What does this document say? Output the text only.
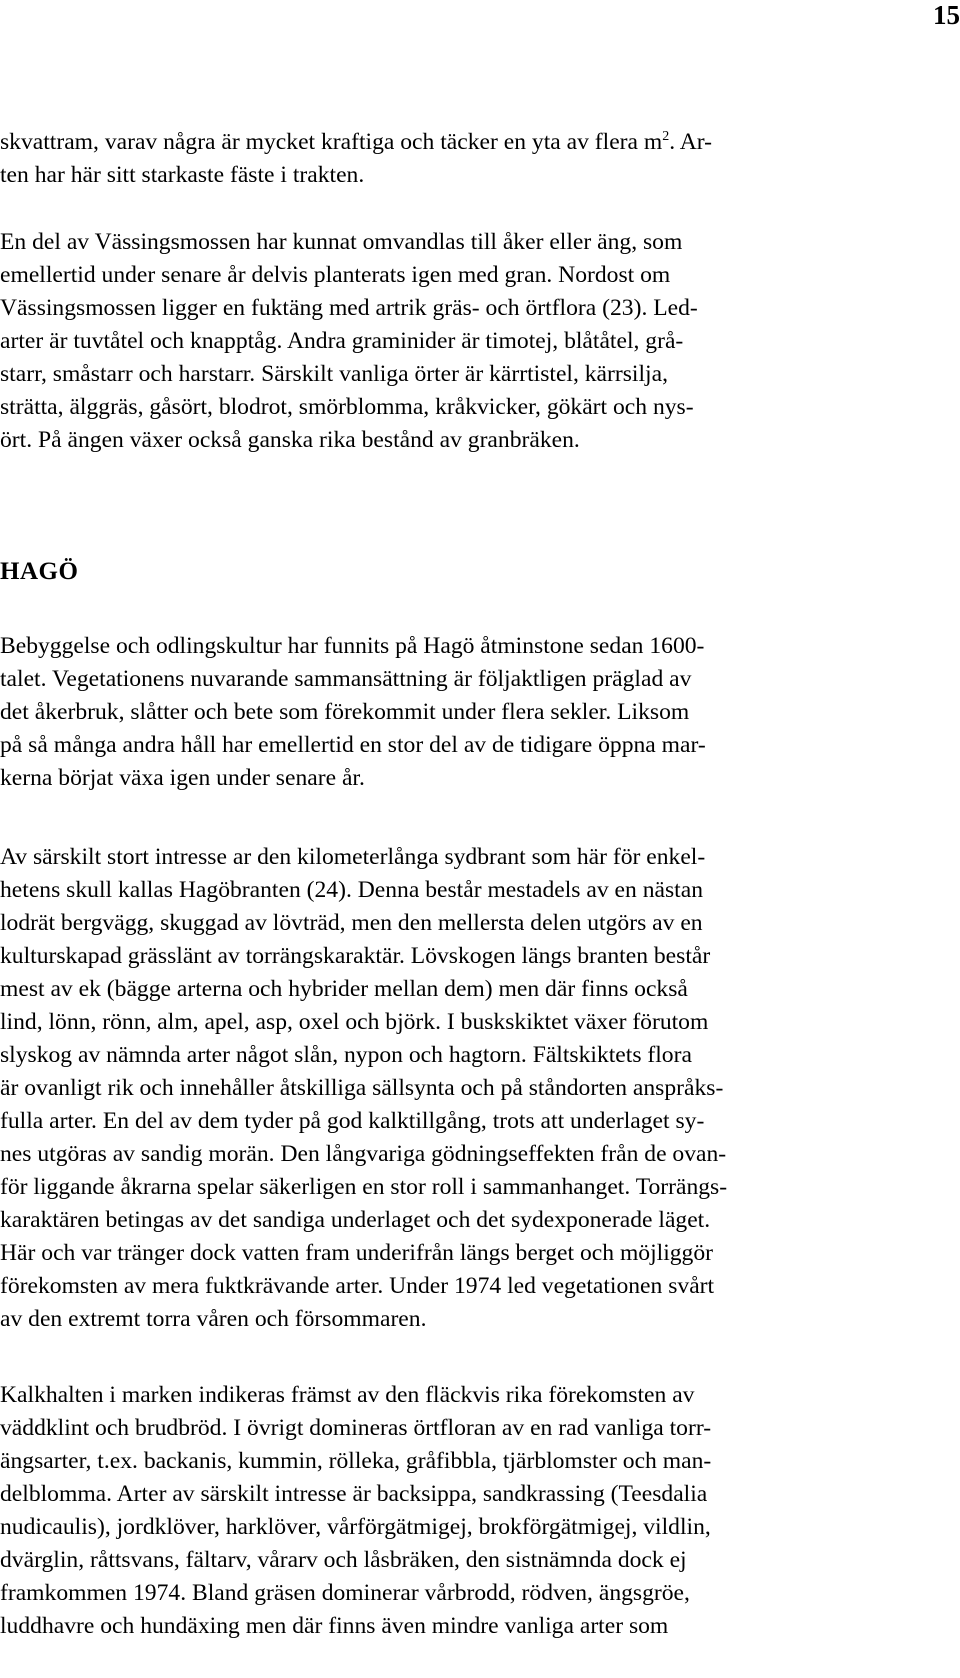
15
skvattram, varav några är mycket kraftiga och täcker en yta av flera $m^2$. Ar-
ten har här sitt starkaste fäste i trakten.
En del av Vässingsmossen har kunnat omvandlas till åker eller äng, som
emellertid under senare år delvis planterats igen med gran. Nordost om
Vässingsmossen ligger en fuktäng med artrik gräs- och örtflora (23). Led-
arter är tuvtåtel och knapptåg. Andra graminider är timotej, blåtåtel, grå-
starr, småstarr och harstarr. Särskilt vanliga örter är kärrtistel, kärrsilja,
strätta, älggräs, gåsört, blodrot, smörblomma, kråkvicker, gökärt och nys-
ört. På ängen växer också ganska rika bestånd av granbräken.
HAGÖ
Bebyggelse och odlingskultur har funnits på Hagö åtminstone sedan 1600-
talet. Vegetationens nuvarande sammansättning är följaktligen präglad av
det åkerbruk, slåtter och bete som förekommit under flera sekler. Liksom
på så många andra håll har emellertid en stor del av de tidigare öppna mar-
kerna börjat växa igen under senare år.
Av särskilt stort intresse ar den kilometerlånga sydbrant som här för enkel-
hetens skull kallas Hagöbranten (24). Denna består mestadels av en nästan
lodrät bergvägg, skuggad av lövträd, men den mellersta delen utgörs av en
kulturskapad grässlänt av torrängskaraktär. Lövskogen längs branten består
mest av ek (bägge arterna och hybrider mellan dem) men där finns också
lind, lönn, rönn, alm, apel, asp, oxel och björk. I buskskiktet växer förutom
slyskog av nämnda arter något slån, nypon och hagtorn. Fältskiktets flora
är ovanligt rik och innehåller åtskilliga sällsynta och på ståndorten anspråks-
fulla arter. En del av dem tyder på god kalktillgång, trots att underlaget sy-
nes utgöras av sandig morän. Den långvariga gödningseffekten från de ovan-
för liggande åkrarna spelar säkerligen en stor roll i sammanhanget. Torrängs-
karaktären betingas av det sandiga underlaget och det sydexponerade läget.
Här och var tränger dock vatten fram underifrån längs berget och möjliggör
förekomsten av mera fuktkrävande arter. Under 1974 led vegetationen svårt
av den extremt torra våren och försommaren.
Kalkhalten i marken indikeras främst av den fläckvis rika förekomsten av
väddklint och brudbröd. I övrigt domineras örtfloran av en rad vanliga torr-
ängsarter, t.ex. backanis, kummin, rölleka, gråfibbla, tjärblomster och man-
delblomma. Arter av särskilt intresse är backsippa, sandkrassing (Teesdalia
nudicaulis), jordklöver, harklöver, vårförgätmigej, brokförgätmigej, vildlin,
dvärglin, råttsvans, fältarv, vårarv och låsbräken, den sistnämnda dock ej
framkommen 1974. Bland gräsen dominerar vårbrodd, rödven, ängsgröe,
luddhavre och hundäxing men där finns även mindre vanliga arter som
